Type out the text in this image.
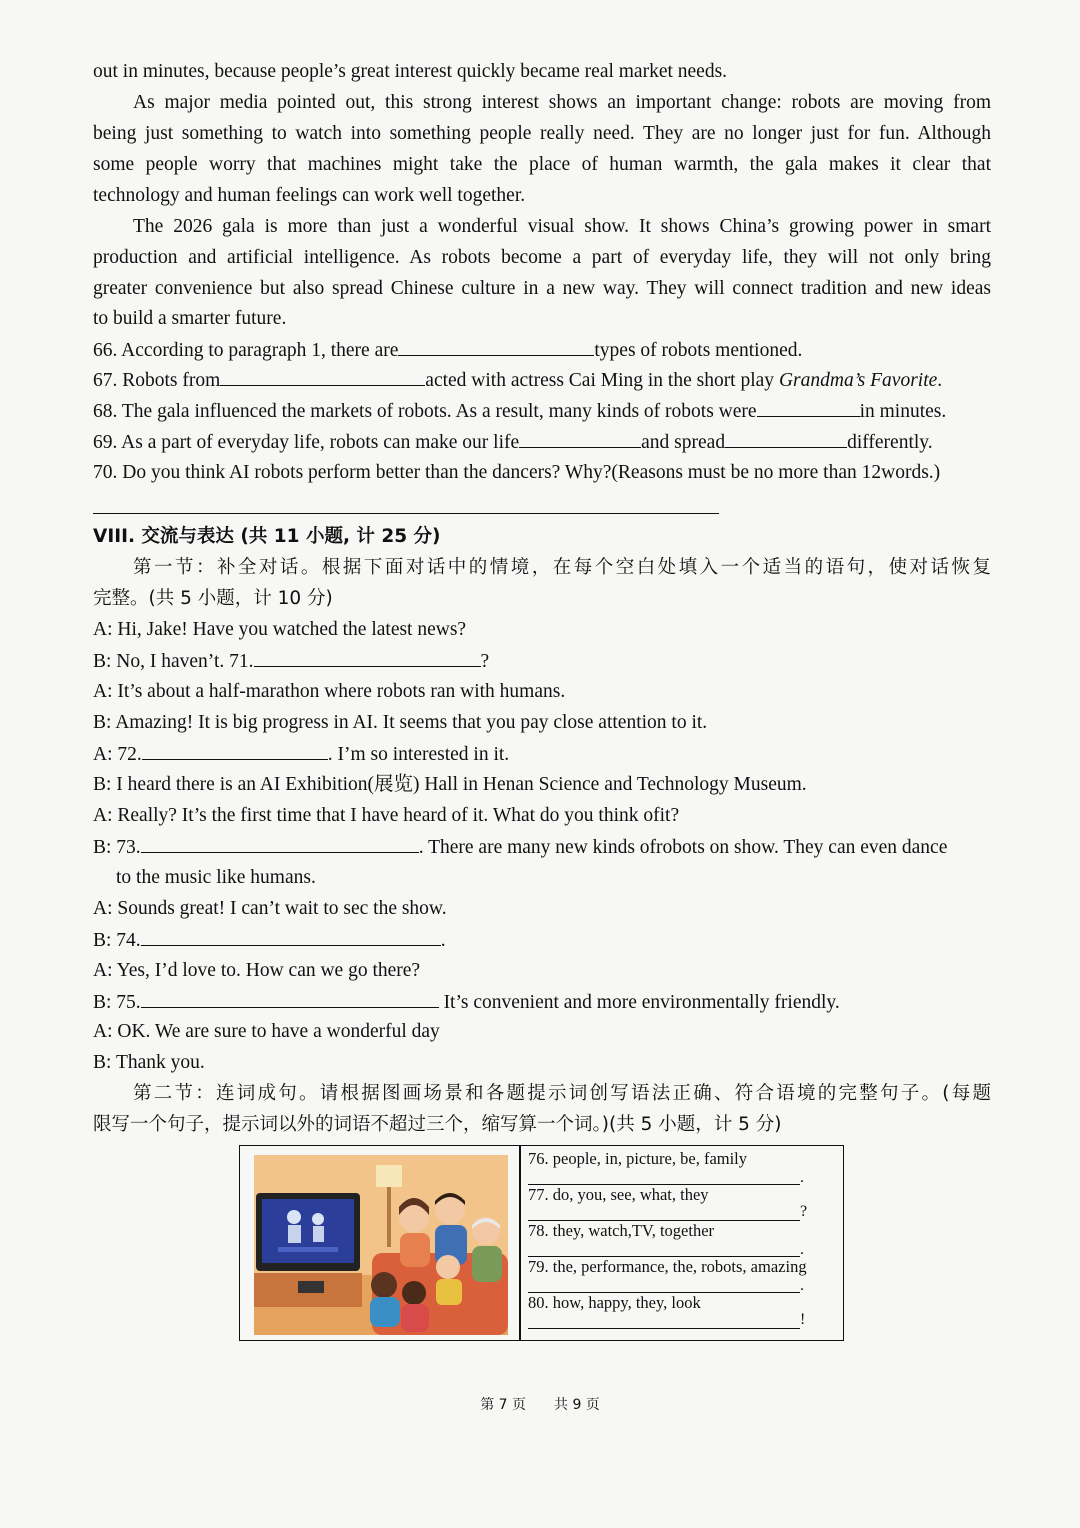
out in minutes, because people’s great interest quickly became real market needs.
As major media pointed out, this strong interest shows an important change: robots are moving from
being just something to watch into something people really need. They are no longer just for fun. Although
some people worry that machines might take the place of human warmth, the gala makes it clear that
technology and human feelings can work well together.
The 2026 gala is more than just a wonderful visual show. It shows China’s growing power in smart
production and artificial intelligence. As robots become a part of everyday life, they will not only bring
greater convenience but also spread Chinese culture in a new way. They will connect tradition and new ideas
to build a smarter future.
66. According to paragraph 1, there are	types of robots mentioned.
67. Robots from	acted with actress Cai Ming in the short play Grandma’s Favorite.
68. The gala influenced the markets of robots. As a result, many kinds of robots were	in minutes.
69. As a part of everyday life, robots can make our life	and spread	differently.
70. Do you think AI robots perform better than the dancers? Why?(Reasons must be no more than 12words.)
VIII. 交流与表达 (共 11 小题, 计 25 分)
第一节：补全对话。根据下面对话中的情境，在每个空白处填入一个适当的语句，使对话恢复
完整。(共 5 小题，计 10 分)
A: Hi, Jake! Have you watched the latest news?
B: No, I haven’t. 71.	?
A: It’s about a half-marathon where robots ran with humans.
B: Amazing! It is big progress in AI. It seems that you pay close attention to it.
A: 72.	. I’m so interested in it.
B: I heard there is an AI Exhibition(展览) Hall in Henan Science and Technology Museum.
A: Really? It’s the first time that I have heard of it. What do you think ofit?
B: 73.	. There are many new kinds ofrobots on show. They can even dance
to the music like humans.
A: Sounds great! I can’t wait to sec the show.
B: 74.	.
A: Yes, I’d love to. How can we go there?
B: 75.	It’s convenient and more environmentally friendly.
A: OK. We are sure to have a wonderful day
B: Thank you.
第二节：连词成句。请根据图画场景和各题提示词创写语法正确、符合语境的完整句子。(每题
限写一个句子，提示词以外的词语不超过三个，缩写算一个词。)(共 5 小题，计 5 分)
76. people, in, picture, be, family
.
77. do, you, see, what, they
?
78. they, watch,TV, together
.
79. the, performance, the, robots, amazing
.
80. how, happy, they, look
!
第 7 页　　共 9 页
